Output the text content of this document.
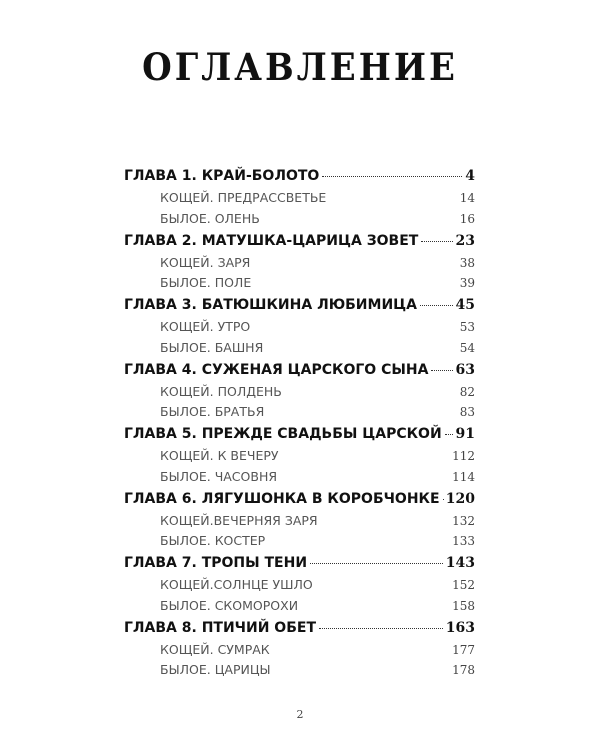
ОГЛАВЛЕНИЕ
ГЛАВА 1. КРАЙ-БОЛОТО	4
КОЩЕЙ. ПРЕДРАССВЕТЬЕ	14
БЫЛОЕ. ОЛЕНЬ	16
ГЛАВА 2. МАТУШКА-ЦАРИЦА ЗОВЕТ	23
КОЩЕЙ. ЗАРЯ	38
БЫЛОЕ. ПОЛЕ	39
ГЛАВА 3. БАТЮШКИНА ЛЮБИМИЦА	45
КОЩЕЙ. УТРО	53
БЫЛОЕ. БАШНЯ	54
ГЛАВА 4. СУЖЕНАЯ ЦАРСКОГО СЫНА 63
КОЩЕЙ. ПОЛДЕНЬ	82
БЫЛОЕ. БРАТЬЯ	83
ГЛАВА 5. ПРЕЖДЕ СВАДЬБЫ ЦАРСКОЙ 91
КОЩЕЙ. К ВЕЧЕРУ	112
БЫЛОЕ. ЧАСОВНЯ	114
ГЛАВА 6. ЛЯГУШОНКА В КОРОБЧОНКЕ 120
КОЩЕЙ.ВЕЧЕРНЯЯ ЗАРЯ	132
БЫЛОЕ. КОСТЕР	133
ГЛАВА 7. ТРОПЫ ТЕНИ	143
КОЩЕЙ.СОЛНЦЕ УШЛО	152
БЫЛОЕ. СКОМОРОХИ	158
ГЛАВА 8. ПТИЧИЙ ОБЕТ	163
КОЩЕЙ. СУМРАК	177
БЫЛОЕ. ЦАРИЦЫ	178
2
